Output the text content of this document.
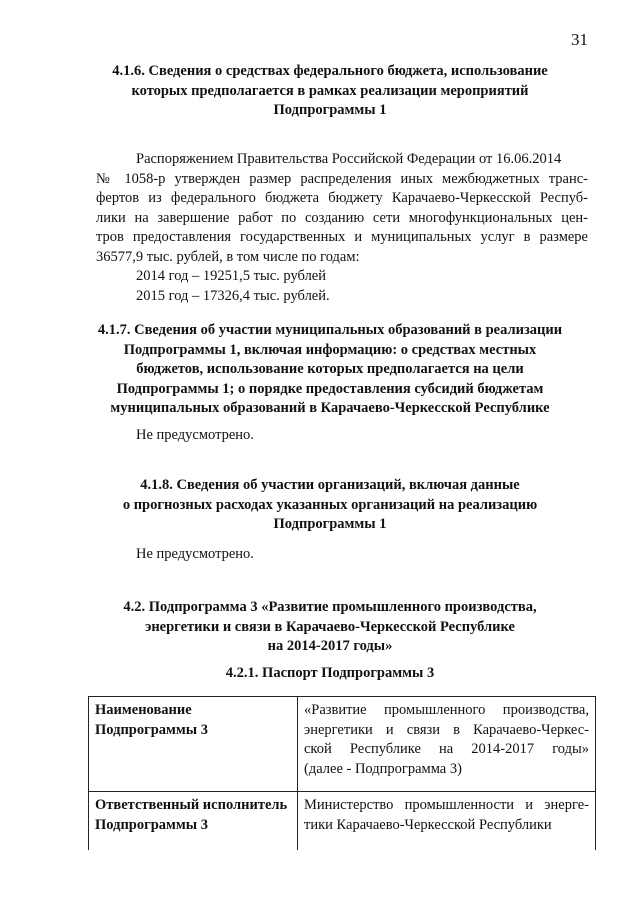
31
4.1.6. Сведения о средствах федерального бюджета, использование
которых предполагается в рамках реализации мероприятий
Подпрограммы 1
Распоряжением Правительства Российской Федерации от 16.06.2014
№ 1058-р утвержден размер распределения иных межбюджетных транс-
фертов из федерального бюджета бюджету Карачаево-Черкесской Респуб-
лики на завершение работ по созданию сети многофункциональных цен-
тров предоставления государственных и муниципальных услуг в размере
36577,9 тыс. рублей, в том числе по годам:
2014 год – 19251,5 тыс. рублей
2015 год – 17326,4 тыс. рублей.
4.1.7. Сведения об участии муниципальных образований в реализации
Подпрограммы 1, включая информацию: о средствах местных
бюджетов, использование которых предполагается на цели
Подпрограммы 1; о порядке предоставления субсидий бюджетам
муниципальных образований в Карачаево-Черкесской Республике
Не предусмотрено.
4.1.8. Сведения об участии организаций, включая данные
о прогнозных расходах указанных организаций на реализацию
Подпрограммы 1
Не предусмотрено.
4.2. Подпрограмма 3 «Развитие промышленного производства,
энергетики и связи в Карачаево-Черкесской Республике
на 2014-2017 годы»
4.2.1. Паспорт Подпрограммы 3
Наименование
Подпрограммы 3	«Развитие промышленного производства,
энергетики и связи в Карачаево-Черкес-
ской Республике на 2014-2017 годы»
(далее - Подпрограмма 3)

Ответственный исполнитель
Подпрограммы 3	Министерство промышленности и энерге-
тики Карачаево-Черкесской Республики
